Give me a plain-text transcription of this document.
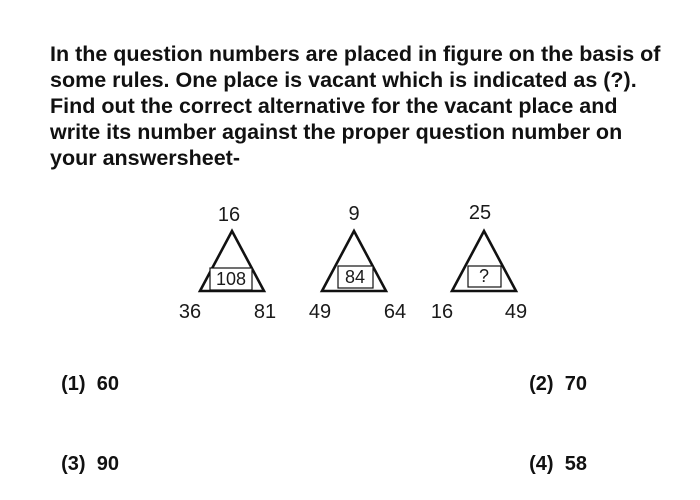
In the question numbers are placed in figure on the basis of some rules. One place is vacant which is indicated as (?). Find out the correct alternative for the vacant place and write its number against the proper question number on your answersheet-

108
16
36	81
84
9
49	64
?
25
16	49

(1) 60	(2) 70

(3) 90	(4) 58
